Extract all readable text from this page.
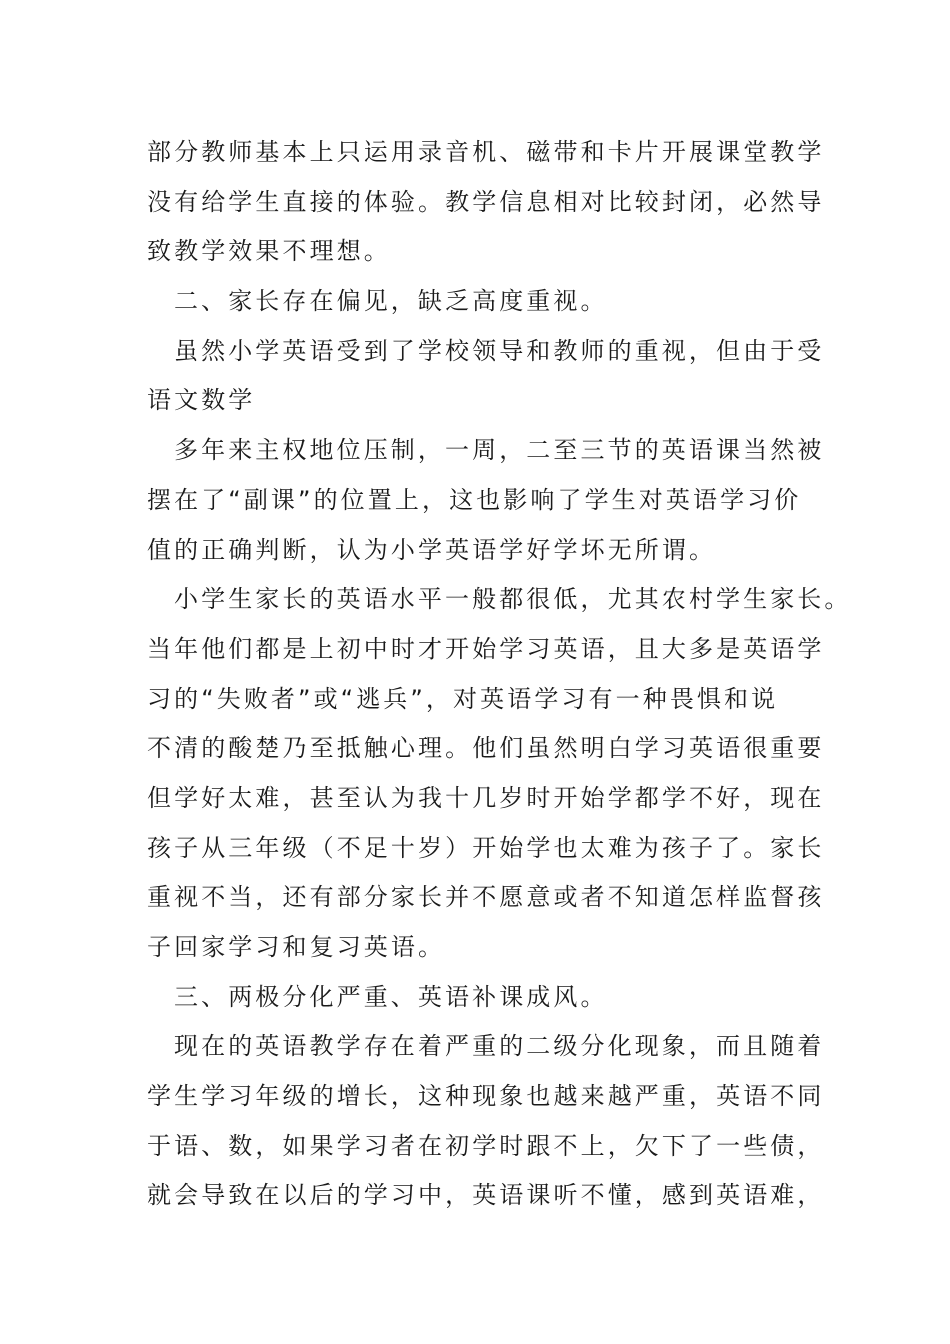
部分教师基本上只运用录音机、磁带和卡片开展课堂教学
没有给学生直接的体验。教学信息相对比较封闭，必然导
致教学效果不理想。
二、家长存在偏见，缺乏高度重视。
虽然小学英语受到了学校领导和教师的重视，但由于受
语文数学
多年来主权地位压制，一周，二至三节的英语课当然被
摆在了“副课”的位置上，这也影响了学生对英语学习价
值的正确判断，认为小学英语学好学坏无所谓。
小学生家长的英语水平一般都很低，尤其农村学生家长。
当年他们都是上初中时才开始学习英语，且大多是英语学
习的“失败者”或“逃兵”，对英语学习有一种畏惧和说
不清的酸楚乃至抵触心理。他们虽然明白学习英语很重要
但学好太难，甚至认为我十几岁时开始学都学不好，现在
孩子从三年级（不足十岁）开始学也太难为孩子了。家长
重视不当，还有部分家长并不愿意或者不知道怎样监督孩
子回家学习和复习英语。
三、两极分化严重、英语补课成风。
现在的英语教学存在着严重的二级分化现象，而且随着
学生学习年级的增长，这种现象也越来越严重，英语不同
于语、数，如果学习者在初学时跟不上，欠下了一些债，
就会导致在以后的学习中，英语课听不懂，感到英语难，
